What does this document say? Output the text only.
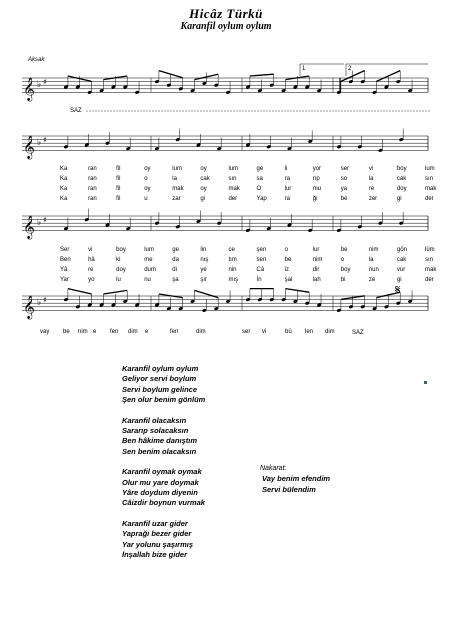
Hicâz Türkü
Karanfil oylum oylum
Aksak
𝄞 ♭ ♯
𝄞 ♭ ♯
𝄞 ♭ ♯
𝄞 ♭ ♯
1	2
𝄋
SAZ
SAZ
Ka	ran	fil	oy	lum	oy	lum	ge	li	yor	ser	vi	boy	lum
Ka	ran	fil	o	la	cak	sın	sa	ra	rıp	so	la	cak	sın
Ka	ran	fil	oy	mak	oy	mak	O	lur	mu	ya	re	doy	mak
Ka	ran	fil	u	zar	gi	der	Yap	ra	ğı	be	zer	gi	der
Ser	vi	boy	lum	ge	lin	ce	şen	o	lur	be	nim	gön	lüm
Ben	hâ	ki	me	da	nış	tım	sen	be	nim	o	la	cak	sın
Yâ	re	doy	dum	di	ye	nin	Câ	iz	dir	boy	nun	vur	mak
Yar	yo	lu	nu	şa	şır	mış	İn	şal	lah	bi	ze	gi	der
vay be nim e fen dim e	fen	dim	ser vi	bü len dim
Karanfil oylum oylum
Geliyor servi boylum
Servi boylum gelince
Şen olur benim gönlüm
Karanfil olacaksın
Sararıp solacaksın
Ben hâkime danıştım
Sen benim olacaksın
Karanfil oymak oymak
Olur mu yare doymak
Yâre doydum diyenin
Câizdir boynun vurmak
Karanfil uzar gider
Yaprağı bezer gider
Yar yolunu şaşırmış
İnşallah bize gider
Nakarat:
Vay benim efendim
Servi bülendim
